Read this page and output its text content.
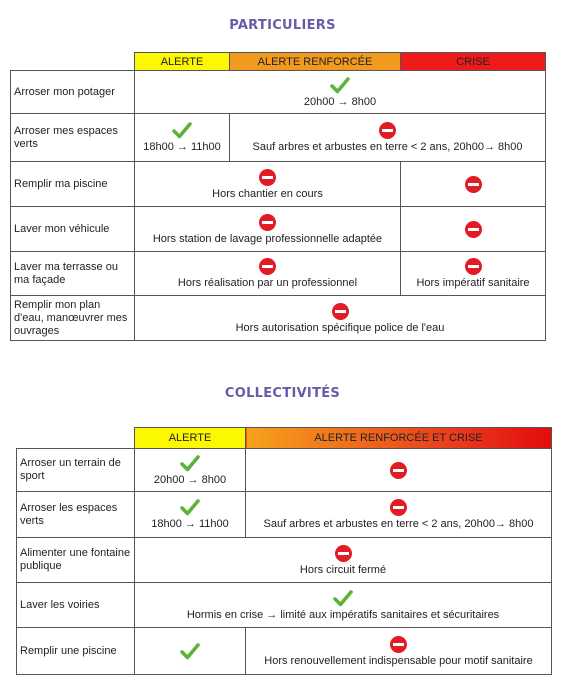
PARTICULIERS
	ALERTE	ALERTE RENFORCÉE	CRISE
Arroser mon potager	20h00 → 8h00		

Arroser mes espaces verts	18h00 → 11h00	Sauf arbres et arbustes en terre < 2 ans, 20h00→ 8h00	

Remplir ma piscine	Hors chantier en cours		

Laver mon véhicule	Hors station de lavage professionnelle adaptée		

Laver ma terrasse ou ma façade	Hors réalisation par un professionnel		Hors impératif sanitaire

Remplir mon plan d'eau, manœuvrer mes ouvrages	Hors autorisation spécifique police de l'eau		
COLLECTIVITÉS
	ALERTE	ALERTE RENFORCÉE ET CRISE
Arroser un terrain de sport	20h00 → 8h00	

Arroser les espaces verts	18h00 → 11h00	Sauf arbres et arbustes en terre < 2 ans, 20h00→ 8h00

Alimenter une fontaine publique	Hors circuit fermé	

Laver les voiries	Hormis en crise → limité aux impératifs sanitaires et sécuritaires	

Remplir une piscine		Hors renouvellement indispensable pour motif sanitaire
